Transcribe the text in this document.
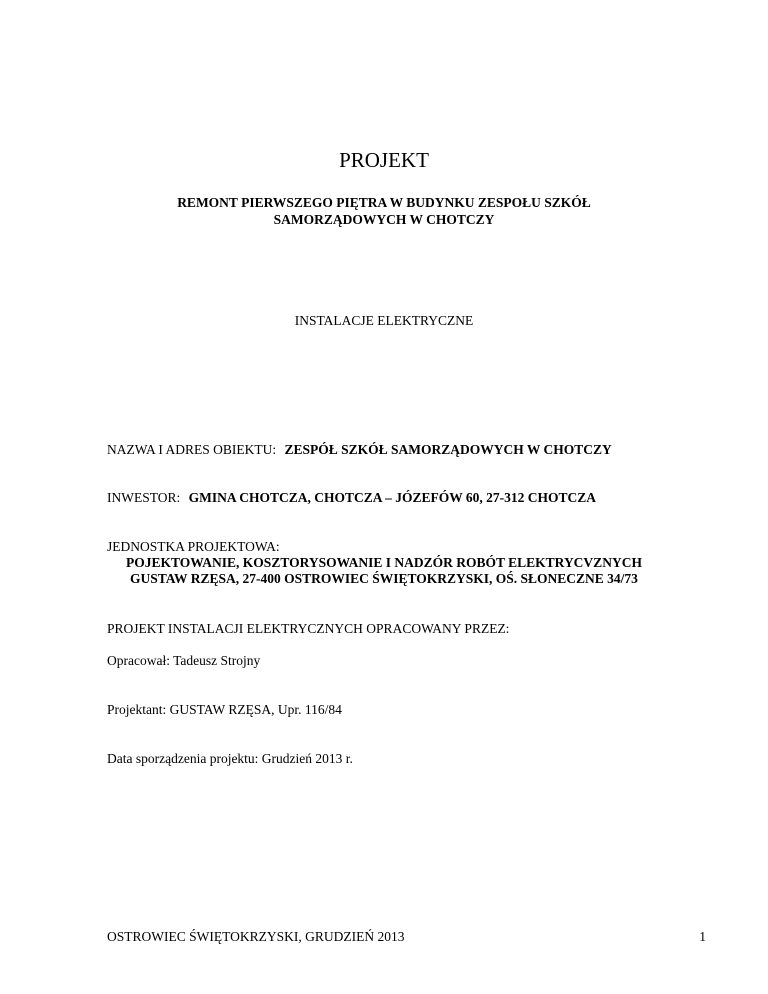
PROJEKT
REMONT PIERWSZEGO PIĘTRA W BUDYNKU ZESPOŁU SZKÓŁ
SAMORZĄDOWYCH W CHOTCZY
INSTALACJE ELEKTRYCZNE
NAZWA I ADRES OBIEKTU: ZESPÓŁ SZKÓŁ SAMORZĄDOWYCH W CHOTCZY
INWESTOR: GMINA CHOTCZA, CHOTCZA – JÓZEFÓW 60, 27-312 CHOTCZA
JEDNOSTKA PROJEKTOWA:
POJEKTOWANIE, KOSZTORYSOWANIE I NADZÓR ROBÓT ELEKTRYCVZNYCH
GUSTAW RZĘSA, 27-400 OSTROWIEC ŚWIĘTOKRZYSKI, OŚ. SŁONECZNE 34/73
PROJEKT INSTALACJI ELEKTRYCZNYCH OPRACOWANY PRZEZ:
Opracował: Tadeusz Strojny
Projektant: GUSTAW RZĘSA, Upr. 116/84
Data sporządzenia projektu: Grudzień 2013 r.
OSTROWIEC ŚWIĘTOKRZYSKI, GRUDZIEŃ 2013	1
